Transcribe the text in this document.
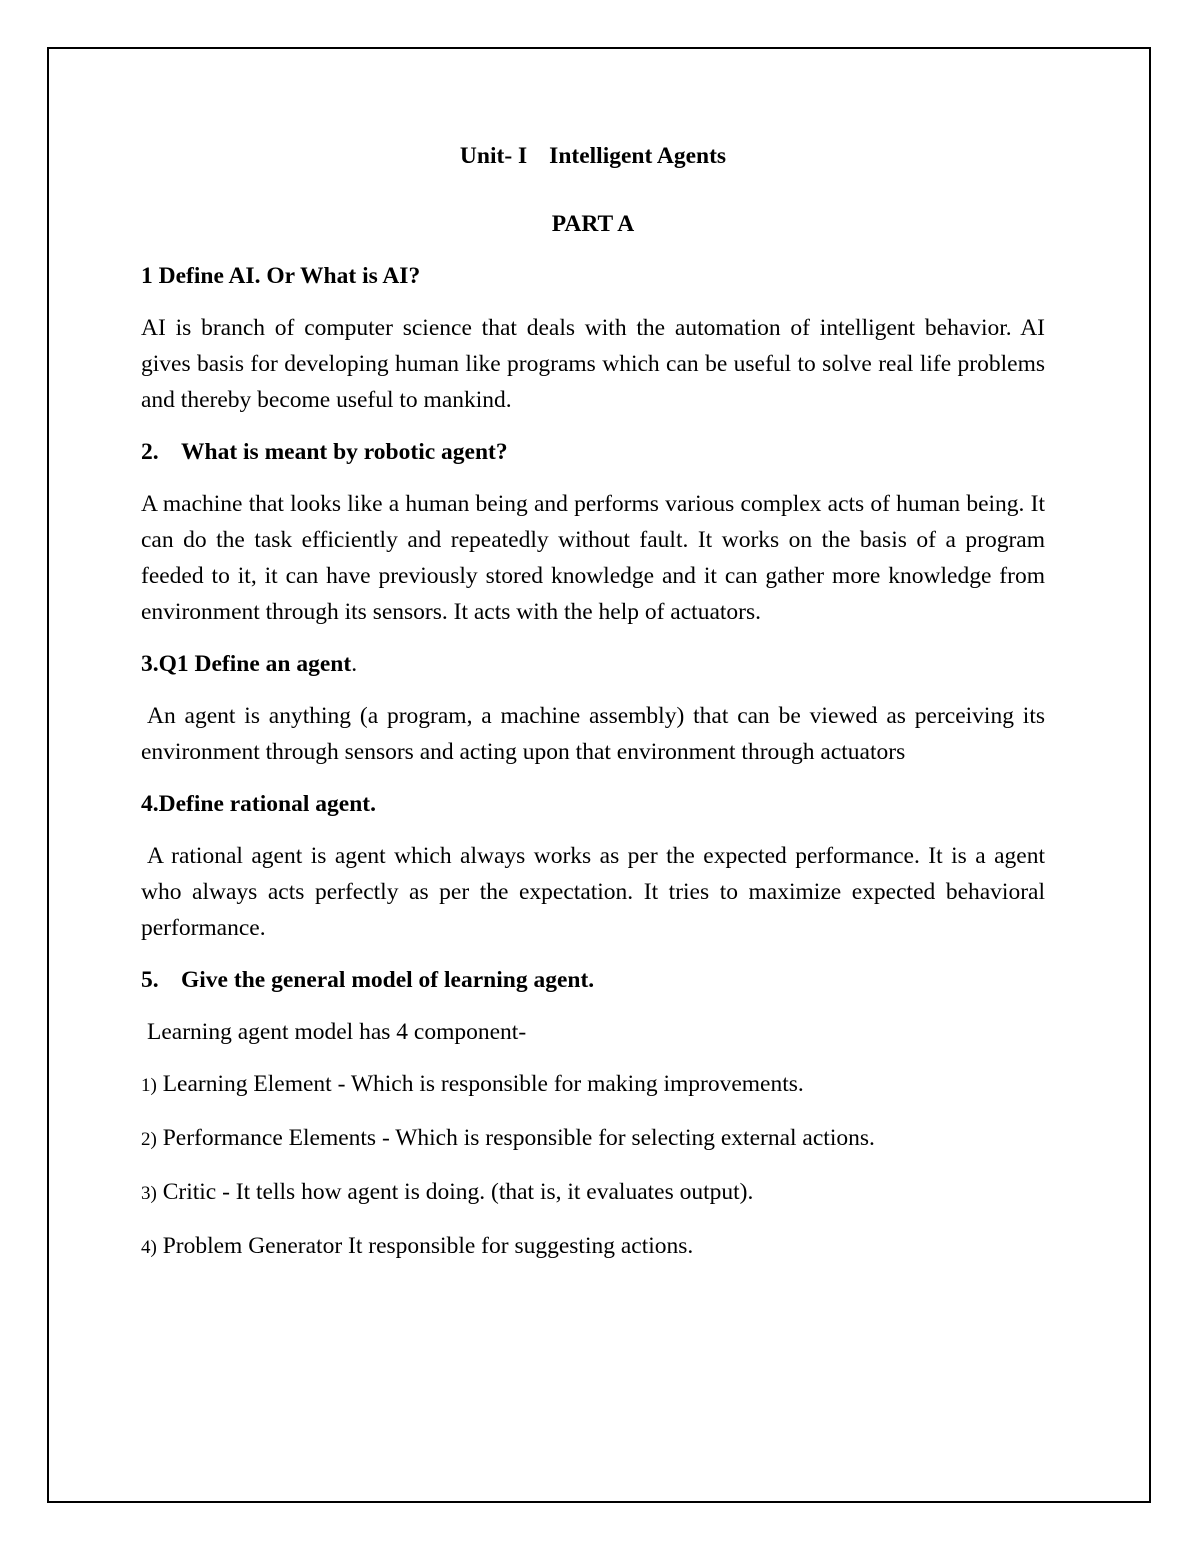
Unit- I Intelligent Agents

PART A

1 Define AI. Or What is AI?

AI is branch of computer science that deals with the automation of intelligent behavior. AI gives basis for developing human like programs which can be useful to solve real life problems and thereby become useful to mankind.

2. What is meant by robotic agent?

A machine that looks like a human being and performs various complex acts of human being. It can do the task efficiently and repeatedly without fault. It works on the basis of a program feeded to it, it can have previously stored knowledge and it can gather more knowledge from environment through its sensors. It acts with the help of actuators.

3.Q1 Define an agent.

An agent is anything (a program, a machine assembly) that can be viewed as perceiving its environment through sensors and acting upon that environment through actuators

4.Define rational agent.

A rational agent is agent which always works as per the expected performance. It is a agent who always acts perfectly as per the expectation. It tries to maximize expected behavioral performance.

5. Give the general model of learning agent.

Learning agent model has 4 component-

1) Learning Element - Which is responsible for making improvements.

2) Performance Elements - Which is responsible for selecting external actions.

3) Critic - It tells how agent is doing. (that is, it evaluates output).

4) Problem Generator It responsible for suggesting actions.
